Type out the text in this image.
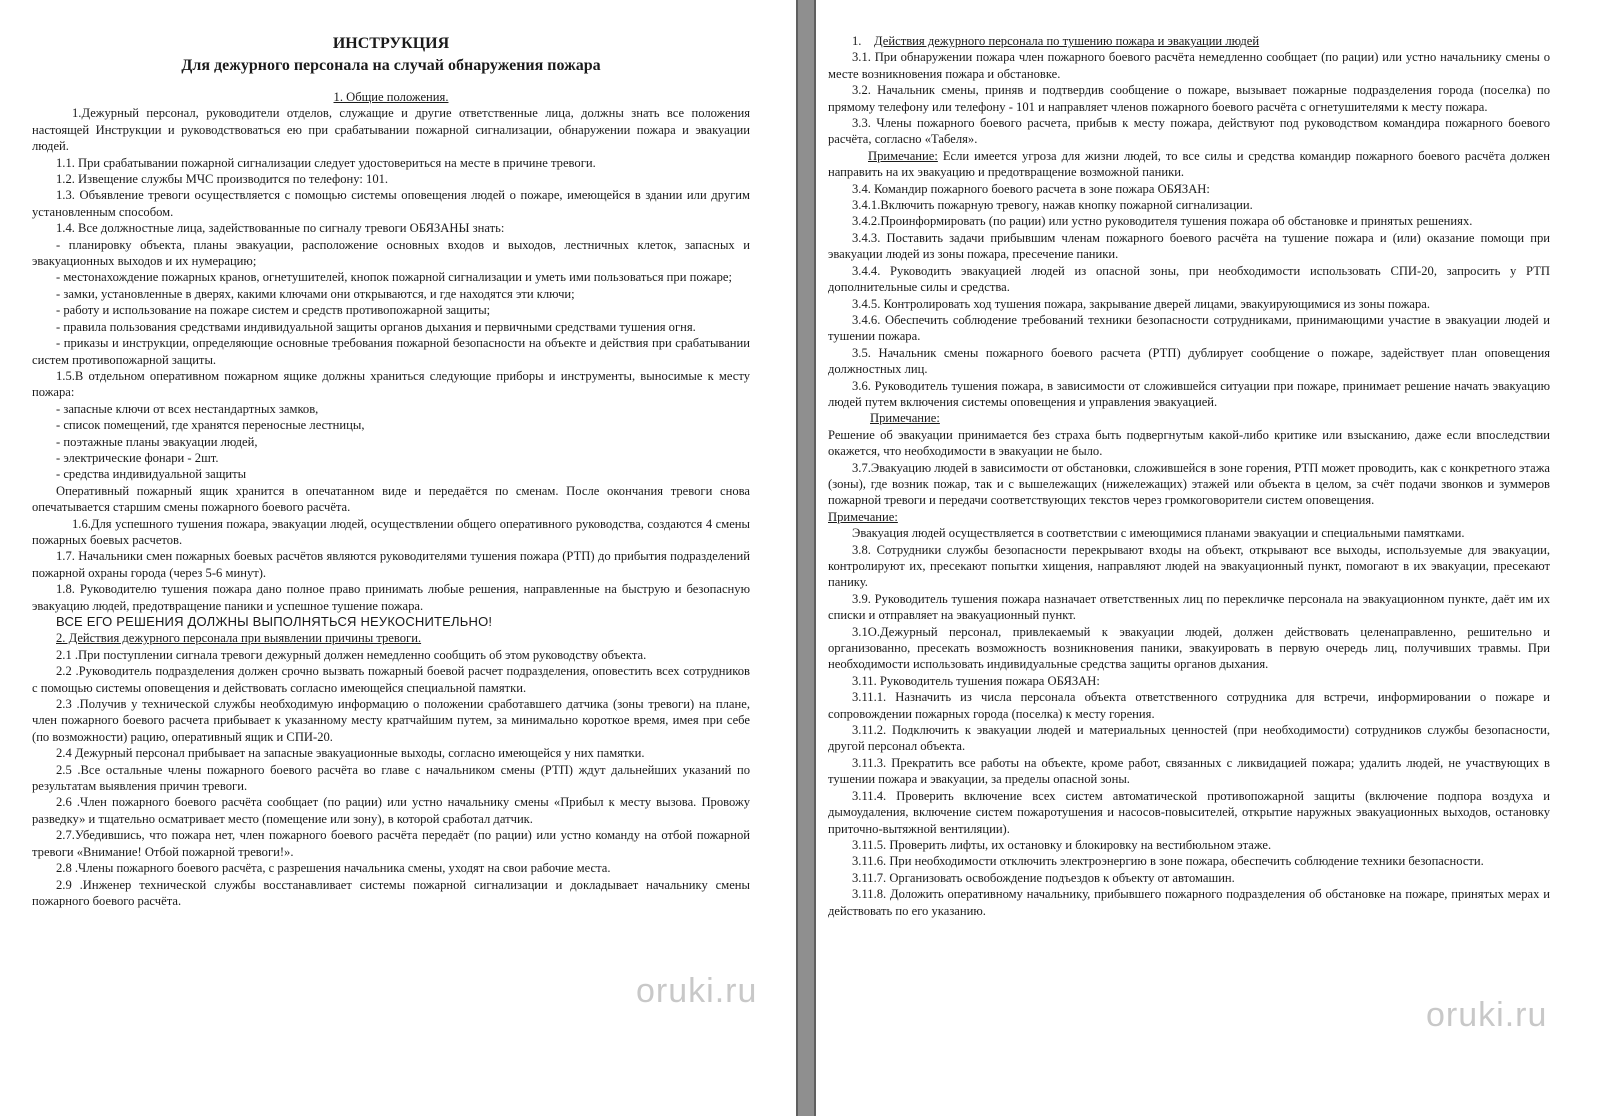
ИНСТРУКЦИЯ
Для дежурного персонала на случай обнаружения пожара
1. Общие положения.
1.Дежурный персонал, руководители отделов, служащие и другие ответственные лица, должны знать все положения настоящей Инструкции и руководствоваться ею при срабатывании пожарной сигнализации, обнаружении пожара и эвакуации людей.
1.1. При срабатывании пожарной сигнализации следует удостовериться на месте в причине тревоги.
1.2. Извещение службы МЧС производится по телефону: 101.
1.3. Объявление тревоги осуществляется с помощью системы оповещения людей о пожаре, имеющейся в здании или другим установленным способом.
1.4. Все должностные лица, задействованные по сигналу тревоги ОБЯЗАНЫ знать:
- планировку объекта, планы эвакуации, расположение основных входов и выходов, лестничных клеток, запасных и эвакуационных выходов и их нумерацию;
- местонахождение пожарных кранов, огнетушителей, кнопок пожарной сигнализации и уметь ими пользоваться при пожаре;
- замки, установленные в дверях, какими ключами они открываются, и где находятся эти ключи;
- работу и использование на пожаре систем и средств противопожарной защиты;
- правила пользования средствами индивидуальной защиты органов дыхания и первичными средствами тушения огня.
- приказы и инструкции, определяющие основные требования пожарной безопасности на объекте и действия при срабатывании систем противопожарной защиты.
1.5.В отдельном оперативном пожарном ящике должны храниться следующие приборы и инструменты, выносимые к месту пожара:
- запасные ключи от всех нестандартных замков,
- список помещений, где хранятся переносные лестницы,
- поэтажные планы эвакуации людей,
- электрические фонари - 2шт.
- средства индивидуальной защиты
Оперативный пожарный ящик хранится в опечатанном виде и передаётся по сменам. После окончания тревоги снова опечатывается старшим смены пожарного боевого расчёта.
1.6.Для успешного тушения пожара, эвакуации людей, осуществлении общего оперативного руководства, создаются 4 смены пожарных боевых расчетов.
1.7. Начальники смен пожарных боевых расчётов являются руководителями тушения пожара (РТП) до прибытия подразделений пожарной охраны города (через 5-6 минут).
1.8. Руководителю тушения пожара дано полное право принимать любые решения, направленные на быструю и безопасную эвакуацию людей, предотвращение паники и успешное тушение пожара.
ВСЕ ЕГО РЕШЕНИЯ ДОЛЖНЫ ВЫПОЛНЯТЬСЯ НЕУКОСНИТЕЛЬНО!
2. Действия дежурного персонала при выявлении причины тревоги.
2.1 .При поступлении сигнала тревоги дежурный должен немедленно сообщить об этом руководству объекта.
2.2 .Руководитель подразделения должен срочно вызвать пожарный боевой расчет подразделения, оповестить всех сотрудников с помощью системы оповещения и действовать согласно имеющейся специальной памятки.
2.3 .Получив у технической службы необходимую информацию о положении сработавшего датчика (зоны тревоги) на плане, член пожарного боевого расчета прибывает к указанному месту кратчайшим путем, за минимально короткое время, имея при себе (по возможности) рацию, оперативный ящик и СПИ-20.
2.4 Дежурный персонал прибывает на запасные эвакуационные выходы, согласно имеющейся у них памятки.
2.5 .Все остальные члены пожарного боевого расчёта во главе с начальником смены (РТП) ждут дальнейших указаний по результатам выявления причин тревоги.
2.6 .Член пожарного боевого расчёта сообщает (по рации) или устно начальнику смены «Прибыл к месту вызова. Провожу разведку» и тщательно осматривает место (помещение или зону), в которой сработал датчик.
2.7.Убедившись, что пожара нет, член пожарного боевого расчёта передаёт (по рации) или устно команду на отбой пожарной тревоги «Внимание! Отбой пожарной тревоги!».
2.8 .Члены пожарного боевого расчёта, с разрешения начальника смены, уходят на свои рабочие места.
2.9 .Инженер технической службы восстанавливает системы пожарной сигнализации и докладывает начальнику смены пожарного боевого расчёта.
oruki.ru
1. Действия дежурного персонала по тушению пожара и эвакуации людей
3.1. При обнаружении пожара член пожарного боевого расчёта немедленно сообщает (по рации) или устно начальнику смены о месте возникновения пожара и обстановке.
3.2. Начальник смены, приняв и подтвердив сообщение о пожаре, вызывает пожарные подразделения города (поселка) по прямому телефону или телефону - 101 и направляет членов пожарного боевого расчёта с огнетушителями к месту пожара.
3.3. Члены пожарного боевого расчета, прибыв к месту пожара, действуют под руководством командира пожарного боевого расчёта, согласно «Табеля».
Примечание: Если имеется угроза для жизни людей, то все силы и средства командир пожарного боевого расчёта должен направить на их эвакуацию и предотвращение возможной паники.
3.4. Командир пожарного боевого расчета в зоне пожара ОБЯЗАН:
3.4.1.Включить пожарную тревогу, нажав кнопку пожарной сигнализации.
3.4.2.Проинформировать (по рации) или устно руководителя тушения пожара об обстановке и принятых решениях.
3.4.3. Поставить задачи прибывшим членам пожарного боевого расчёта на тушение пожара и (или) оказание помощи при эвакуации людей из зоны пожара, пресечение паники.
3.4.4. Руководить эвакуацией людей из опасной зоны, при необходимости использовать СПИ-20, запросить у РТП дополнительные силы и средства.
3.4.5. Контролировать ход тушения пожара, закрывание дверей лицами, эвакуирующимися из зоны пожара.
3.4.6. Обеспечить соблюдение требований техники безопасности сотрудниками, принимающими участие в эвакуации людей и тушении пожара.
3.5. Начальник смены пожарного боевого расчета (РТП) дублирует сообщение о пожаре, задействует план оповещения должностных лиц.
3.6. Руководитель тушения пожара, в зависимости от сложившейся ситуации при пожаре, принимает решение начать эвакуацию людей путем включения системы оповещения и управления эвакуацией.
Примечание:
Решение об эвакуации принимается без страха быть подвергнутым какой-либо критике или взысканию, даже если впоследствии окажется, что необходимости в эвакуации не было.
3.7.Эвакуацию людей в зависимости от обстановки, сложившейся в зоне горения, РТП может проводить, как с конкретного этажа (зоны), где возник пожар, так и с вышележащих (нижележащих) этажей или объекта в целом, за счёт подачи звонков и зуммеров пожарной тревоги и передачи соответствующих текстов через громкоговорители систем оповещения.
Примечание:
Эвакуация людей осуществляется в соответствии с имеющимися планами эвакуации и специальными памятками.
3.8. Сотрудники службы безопасности перекрывают входы на объект, открывают все выходы, используемые для эвакуации, контролируют их, пресекают попытки хищения, направляют людей на эвакуационный пункт, помогают в их эвакуации, пресекают панику.
3.9. Руководитель тушения пожара назначает ответственных лиц по перекличке персонала на эвакуационном пункте, даёт им их списки и отправляет на эвакуационный пункт.
3.1О.Дежурный персонал, привлекаемый к эвакуации людей, должен действовать целенаправленно, решительно и организованно, пресекать возможность возникновения паники, эвакуировать в первую очередь лиц, получивших травмы. При необходимости использовать индивидуальные средства защиты органов дыхания.
3.11. Руководитель тушения пожара ОБЯЗАН:
3.11.1. Назначить из числа персонала объекта ответственного сотрудника для встречи, информировании о пожаре и сопровождении пожарных города (поселка) к месту горения.
3.11.2. Подключить к эвакуации людей и материальных ценностей (при необходимости) сотрудников службы безопасности, другой персонал объекта.
3.11.3. Прекратить все работы на объекте, кроме работ, связанных с ликвидацией пожара; удалить людей, не участвующих в тушении пожара и эвакуации, за пределы опасной зоны.
3.11.4. Проверить включение всех систем автоматической противопожарной защиты (включение подпора воздуха и дымоудаления, включение систем пожаротушения и насосов-повысителей, открытие наружных эвакуационных выходов, остановку приточно-вытяжной вентиляции).
3.11.5. Проверить лифты, их остановку и блокировку на вестибюльном этаже.
3.11.6. При необходимости отключить электроэнергию в зоне пожара, обеспечить соблюдение техники безопасности.
3.11.7. Организовать освобождение подъездов к объекту от автомашин.
3.11.8. Доложить оперативному начальнику, прибывшего пожарного подразделения об обстановке на пожаре, принятых мерах и действовать по его указанию.
oruki.ru
